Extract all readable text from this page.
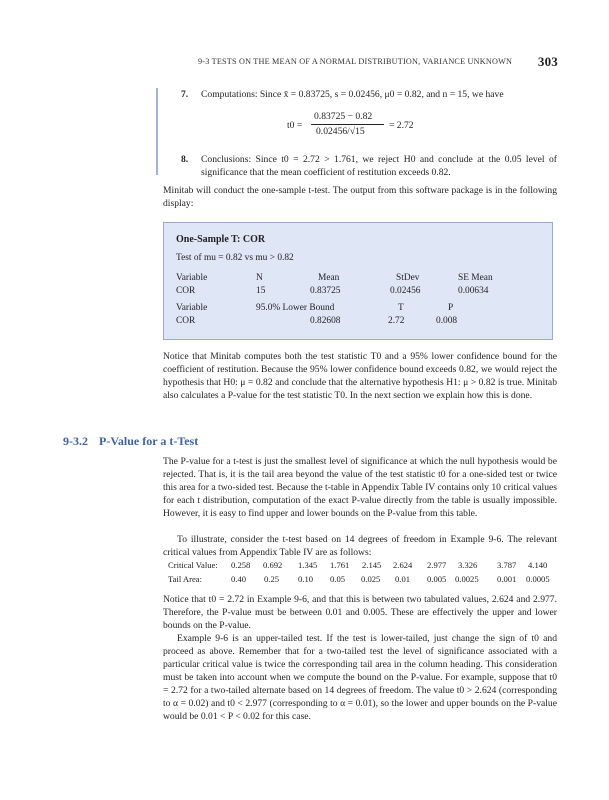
9-3 TESTS ON THE MEAN OF A NORMAL DISTRIBUTION, VARIANCE UNKNOWN 303
7. Computations: Since x̄ = 0.83725, s = 0.02456, μ0 = 0.82, and n = 15, we have
t0 =
0.83725 − 0.82
0.02456/√15
= 2.72
8. Conclusions: Since t0 = 2.72 > 1.761, we reject H0 and conclude at the 0.05 level of significance that the mean coefficient of restitution exceeds 0.82.
Minitab will conduct the one-sample t-test. The output from this software package is in the following display:
One-Sample T: COR
Test of mu = 0.82 vs mu > 0.82
Variable	N	Mean	StDev	SE Mean
COR	15	0.83725	0.02456	0.00634
Variable	95.0% Lower Bound	T	P
COR	0.82608	2.72	0.008
Notice that Minitab computes both the test statistic T0 and a 95% lower confidence bound for the coefficient of restitution. Because the 95% lower confidence bound exceeds 0.82, we would reject the hypothesis that H0: μ = 0.82 and conclude that the alternative hypothesis H1: μ > 0.82 is true. Minitab also calculates a P-value for the test statistic T0. In the next section we explain how this is done.
9-3.2 P-Value for a t-Test
The P-value for a t-test is just the smallest level of significance at which the null hypothesis would be rejected. That is, it is the tail area beyond the value of the test statistic t0 for a one-sided test or twice this area for a two-sided test. Because the t-table in Appendix Table IV contains only 10 critical values for each t distribution, computation of the exact P-value directly from the table is usually impossible. However, it is easy to find upper and lower bounds on the P-value from this table.
To illustrate, consider the t-test based on 14 degrees of freedom in Example 9-6. The relevant critical values from Appendix Table IV are as follows:
Critical Value: 0.258 0.692 1.345 1.761 2.145 2.624 2.977 3.326 3.787 4.140
Tail Area:	0.40 0.25 0.10 0.05 0.025 0.01 0.005 0.0025 0.001 0.0005
Notice that t0 = 2.72 in Example 9-6, and that this is between two tabulated values, 2.624 and 2.977. Therefore, the P-value must be between 0.01 and 0.005. These are effectively the upper and lower bounds on the P-value.
Example 9-6 is an upper-tailed test. If the test is lower-tailed, just change the sign of t0 and proceed as above. Remember that for a two-tailed test the level of significance associated with a particular critical value is twice the corresponding tail area in the column heading. This consideration must be taken into account when we compute the bound on the P-value. For example, suppose that t0 = 2.72 for a two-tailed alternate based on 14 degrees of freedom. The value t0 > 2.624 (corresponding to α = 0.02) and t0 < 2.977 (corresponding to α = 0.01), so the lower and upper bounds on the P-value would be 0.01 < P < 0.02 for this case.
